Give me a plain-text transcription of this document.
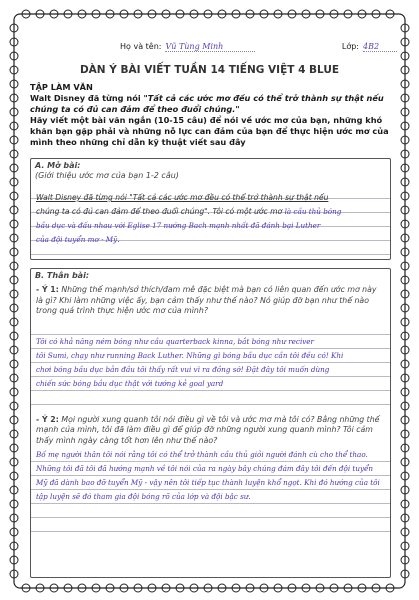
Họ và tên: Vũ Tùng Minh	Lớp: 4B2
DÀN Ý BÀI VIẾT TUẦN 14 TIẾNG VIỆT 4 BLUE
TẬP LÀM VĂN
Walt Disney đã từng nói "Tất cả các ước mơ đều có thể trở thành sự thật nếu chúng ta có đủ can đảm để theo đuổi chúng."
Hãy viết một bài văn ngắn (10-15 câu) để nói về ước mơ của bạn, những khó khăn bạn gặp phải và những nỗ lực can đảm của bạn để thực hiện ước mơ của mình theo những chỉ dẫn kỹ thuật viết sau đây
A. Mở bài:
(Giới thiệu ước mơ của bạn 1-2 câu)
Walt Disney đã từng nói "Tất cả các ước mơ đều có thể trở thành sự thật nếu
chúng ta có đủ can đảm để theo đuổi chúng". Tôi có một ước mơ là cầu thủ bóng
bầu dục và đấu nhau với Eglise 17 nướng Bach mạnh nhất đã đánh bại Luther
của đội tuyển mơ - Mỹ.
B. Thân bài:
- Ý 1: Những thế mạnh/sở thích/đam mê đặc biệt mà bạn có liên quan đến ước mơ này là gì? Khi làm những việc ấy, bạn cảm thấy như thế nào? Nó giúp đỡ bạn như thế nào trong quá trình thực hiện ước mơ của mình?
Tôi có khả năng ném bóng như cầu quarterback kinna, bắt bóng như reciver
tôi Sumi, chạy như running Back Luther. Những gì bóng bầu dục cần tôi đều có! Khi
chơi bóng bầu dục bản đầu tôi thấy rất vui vì ra đồng sớ! Đặt đây tôi muốn dùng
chiến sức bóng bầu dục thật với tướng kẻ goal yard
- Ý 2: Mọi người xung quanh tôi nói điều gì về tôi và ước mơ mà tôi có? Bằng những thế mạnh của mình, tôi đã làm điều gì để giúp đỡ những người xung quanh mình? Tôi cảm thấy mình ngày càng tốt hơn lên như thế nào?
Bố mẹ người thân tôi nói rằng tôi có thể trở thành cầu thủ giỏi người đánh cù cho thể thao.
Những tôi đã tôi đã hướng mạnh về tôi nói của ra ngày bây chúng đám đây tôi đến đội tuyển
Mỹ đã dành bao đỡ tuyển Mỹ - vậy nên tôi tiếp tục thành luyện khổ ngọt. Khi đó hướng của tôi
tập luyện sẽ đó tham gia đội bóng rõ của lớp và đội bậc sư.
